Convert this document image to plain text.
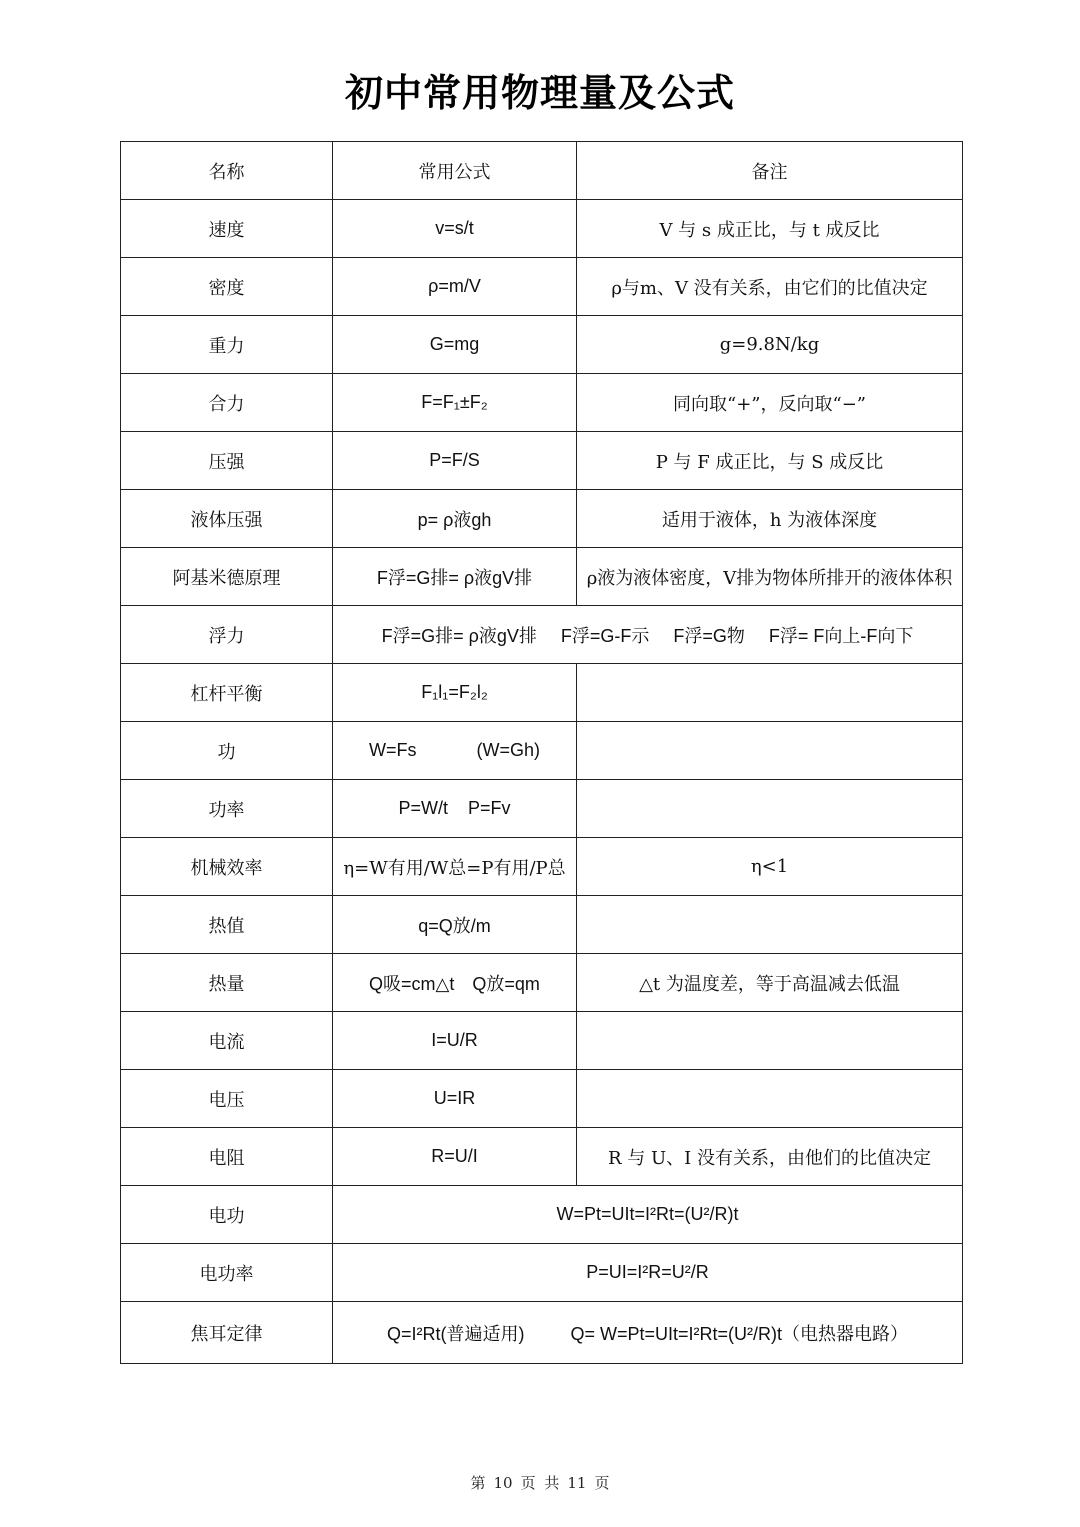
初中常用物理量及公式
名称	常用公式	备注
速度	v=s/t	V 与 s 成正比，与 t 成反比
密度	ρ=m/V	ρ与m、V 没有关系，由它们的比值决定
重力	G=mg	g=9.8N/kg
合力	F=F₁±F₂	同向取“+”，反向取“−”
压强	P=F/S	P 与 F 成正比，与 S 成反比
液体压强	p= ρ液gh	适用于液体，h 为液体深度
阿基米德原理	F浮=G排= ρ液gV排	ρ液为液体密度，V排为物体所排开的液体体积
浮力	F浮=G排= ρ液gV排 F浮=G-F示 F浮=G物 F浮= F向上-F向下	
杠杆平衡	F₁l₁=F₂l₂	
功	W=Fs (W=Gh)	
功率	P=W/t P=Fv	
机械效率	η=W有用/W总=P有用/P总	η<1
热值	q=Q放/m	
热量	Q吸=cm△t Q放=qm	△t 为温度差，等于高温减去低温
电流	I=U/R	
电压	U=IR	
电阻	R=U/I	R 与 U、I 没有关系，由他们的比值决定
电功	W=Pt=UIt=I²Rt=(U²/R)t	
电功率	P=UI=I²R=U²/R	
焦耳定律	Q=I²Rt(普遍适用) Q= W=Pt=UIt=I²Rt=(U²/R)t（电热器电路）	
第 10 页 共 11 页
